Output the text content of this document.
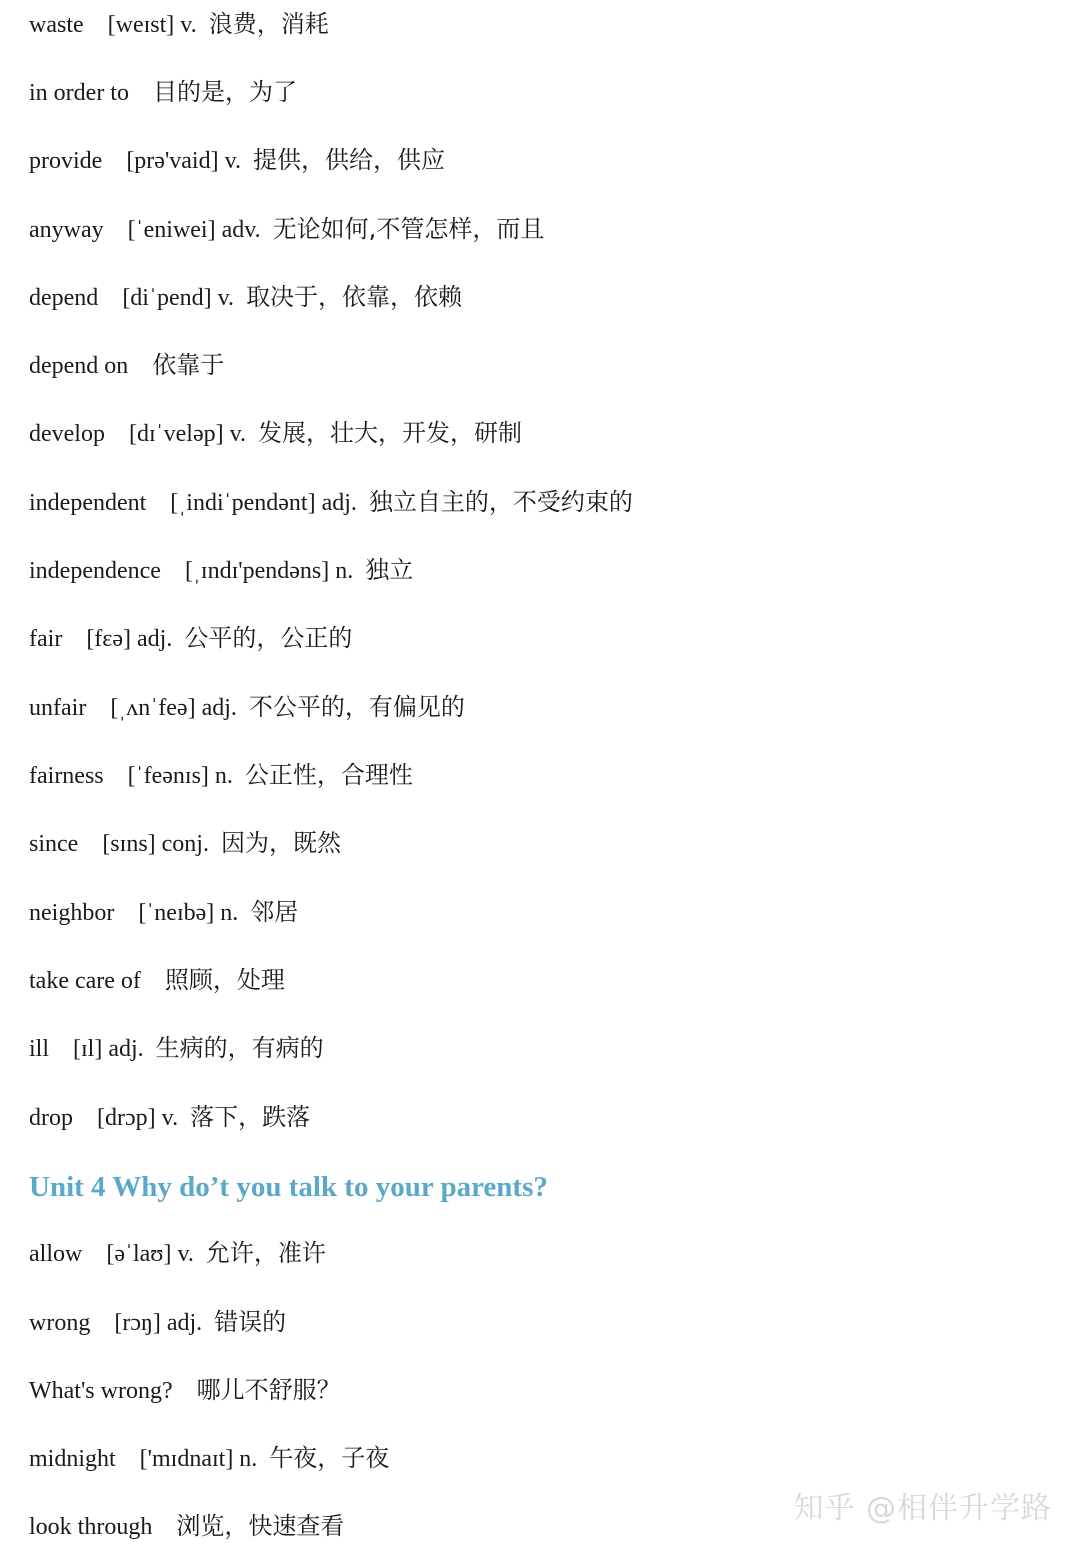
waste [weɪst] v. 浪费，消耗
in order to 目的是，为了
provide [prə'vaid] v. 提供，供给，供应
anyway [ˈeniwei] adv. 无论如何,不管怎样，而且
depend [diˈpend] v. 取决于，依靠，依赖
depend on 依靠于
develop [dɪˈveləp] v. 发展，壮大，开发，研制
independent [ˌindiˈpendənt] adj. 独立自主的，不受约束的
independence [ˌɪndɪ'pendəns] n. 独立
fair [fɛə] adj. 公平的，公正的
unfair [ˌʌnˈfeə] adj. 不公平的，有偏见的
fairness [ˈfeənɪs] n. 公正性，合理性
since [sɪns] conj. 因为，既然
neighbor [ˈneɪbə] n. 邻居
take care of 照顾，处理
ill [ɪl] adj. 生病的，有病的
drop [drɔp] v. 落下，跌落
Unit 4 Why do’t you talk to your parents?
allow [əˈlaʊ] v. 允许，准许
wrong [rɔŋ] adj. 错误的
What's wrong? 哪儿不舒服？
midnight ['mɪdnaɪt] n. 午夜，子夜
look through 浏览，快速查看	知乎 @相伴升学路
